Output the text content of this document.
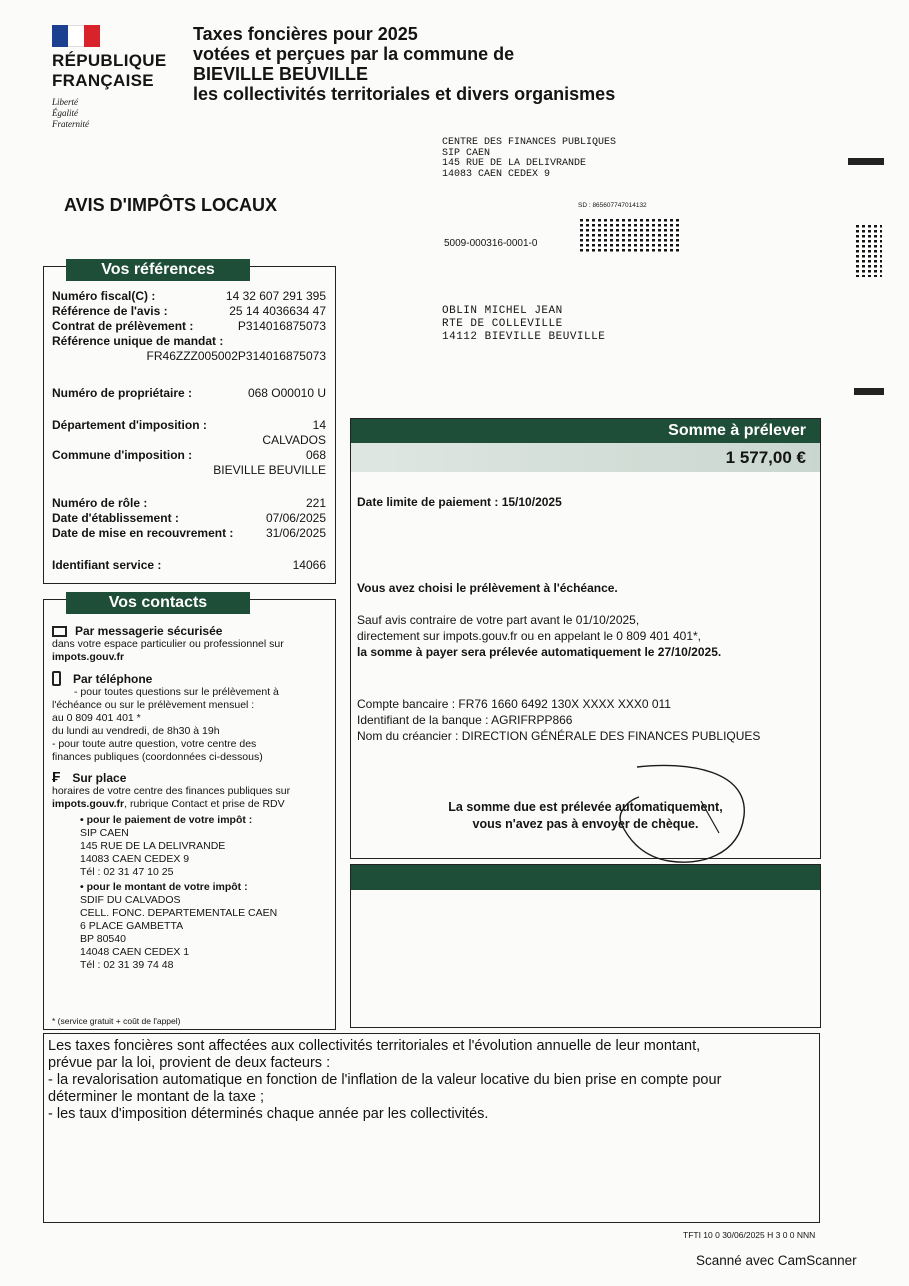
RÉPUBLIQUE
FRANÇAISE
Liberté
Égalité
Fraternité
Taxes foncières pour 2025
votées et perçues par la commune de
BIEVILLE BEUVILLE
les collectivités territoriales et divers organismes
CENTRE DES FINANCES PUBLIQUES
SIP CAEN
145 RUE DE LA DELIVRANDE
14083 CAEN CEDEX 9
AVIS D'IMPÔTS LOCAUX	SD : 865607747014132
5009-000316-0001-0
OBLIN MICHEL JEAN
RTE DE COLLEVILLE
14112 BIEVILLE BEUVILLE
Vos références
Numéro fiscal(C) :	14 32 607 291 395
Référence de l'avis :	25 14 4036634 47
Contrat de prélèvement :	P314016875073
Référence unique de mandat :
FR46ZZZ005002P314016875073
Numéro de propriétaire :	068 O00010 U
Département d'imposition :	14
CALVADOS
Commune d'imposition :	068
BIEVILLE BEUVILLE
Numéro de rôle :	221
Date d'établissement :	07/06/2025
Date de mise en recouvrement :	31/06/2025
Identifiant service :	14066
Vos contacts
Par messagerie sécurisée
dans votre espace particulier ou professionnel sur
impots.gouv.fr
Par téléphone
- pour toutes questions sur le prélèvement à
l'échéance ou sur le prélèvement mensuel :
au 0 809 401 401 *
du lundi au vendredi, de 8h30 à 19h
- pour toute autre question, votre centre des
finances publiques (coordonnées ci-dessous)
₣ Sur place
horaires de votre centre des finances publiques sur
impots.gouv.fr, rubrique Contact et prise de RDV
• pour le paiement de votre impôt :
SIP CAEN
145 RUE DE LA DELIVRANDE
14083 CAEN CEDEX 9
Tél : 02 31 47 10 25
• pour le montant de votre impôt :
SDIF DU CALVADOS
CELL. FONC. DEPARTEMENTALE CAEN
6 PLACE GAMBETTA
BP 80540
14048 CAEN CEDEX 1
Tél : 02 31 39 74 48
* (service gratuit + coût de l'appel)
Somme à prélever
1 577,00 €
Date limite de paiement : 15/10/2025
Vous avez choisi le prélèvement à l'échéance.
Sauf avis contraire de votre part avant le 01/10/2025,
directement sur impots.gouv.fr ou en appelant le 0 809 401 401*,
la somme à payer sera prélevée automatiquement le 27/10/2025.
Compte bancaire : FR76 1660 6492 130X XXXX XXX0 011
Identifiant de la banque : AGRIFRPP866
Nom du créancier : DIRECTION GÉNÉRALE DES FINANCES PUBLIQUES
La somme due est prélevée automatiquement,
vous n'avez pas à envoyer de chèque.
Les taxes foncières sont affectées aux collectivités territoriales et l'évolution annuelle de leur montant,
prévue par la loi, provient de deux facteurs :
- la revalorisation automatique en fonction de l'inflation de la valeur locative du bien prise en compte pour
déterminer le montant de la taxe ;
- les taux d'imposition déterminés chaque année par les collectivités.
TFTI 10 0 30/06/2025 H 3 0 0 NNN
Scanné avec CamScanner
